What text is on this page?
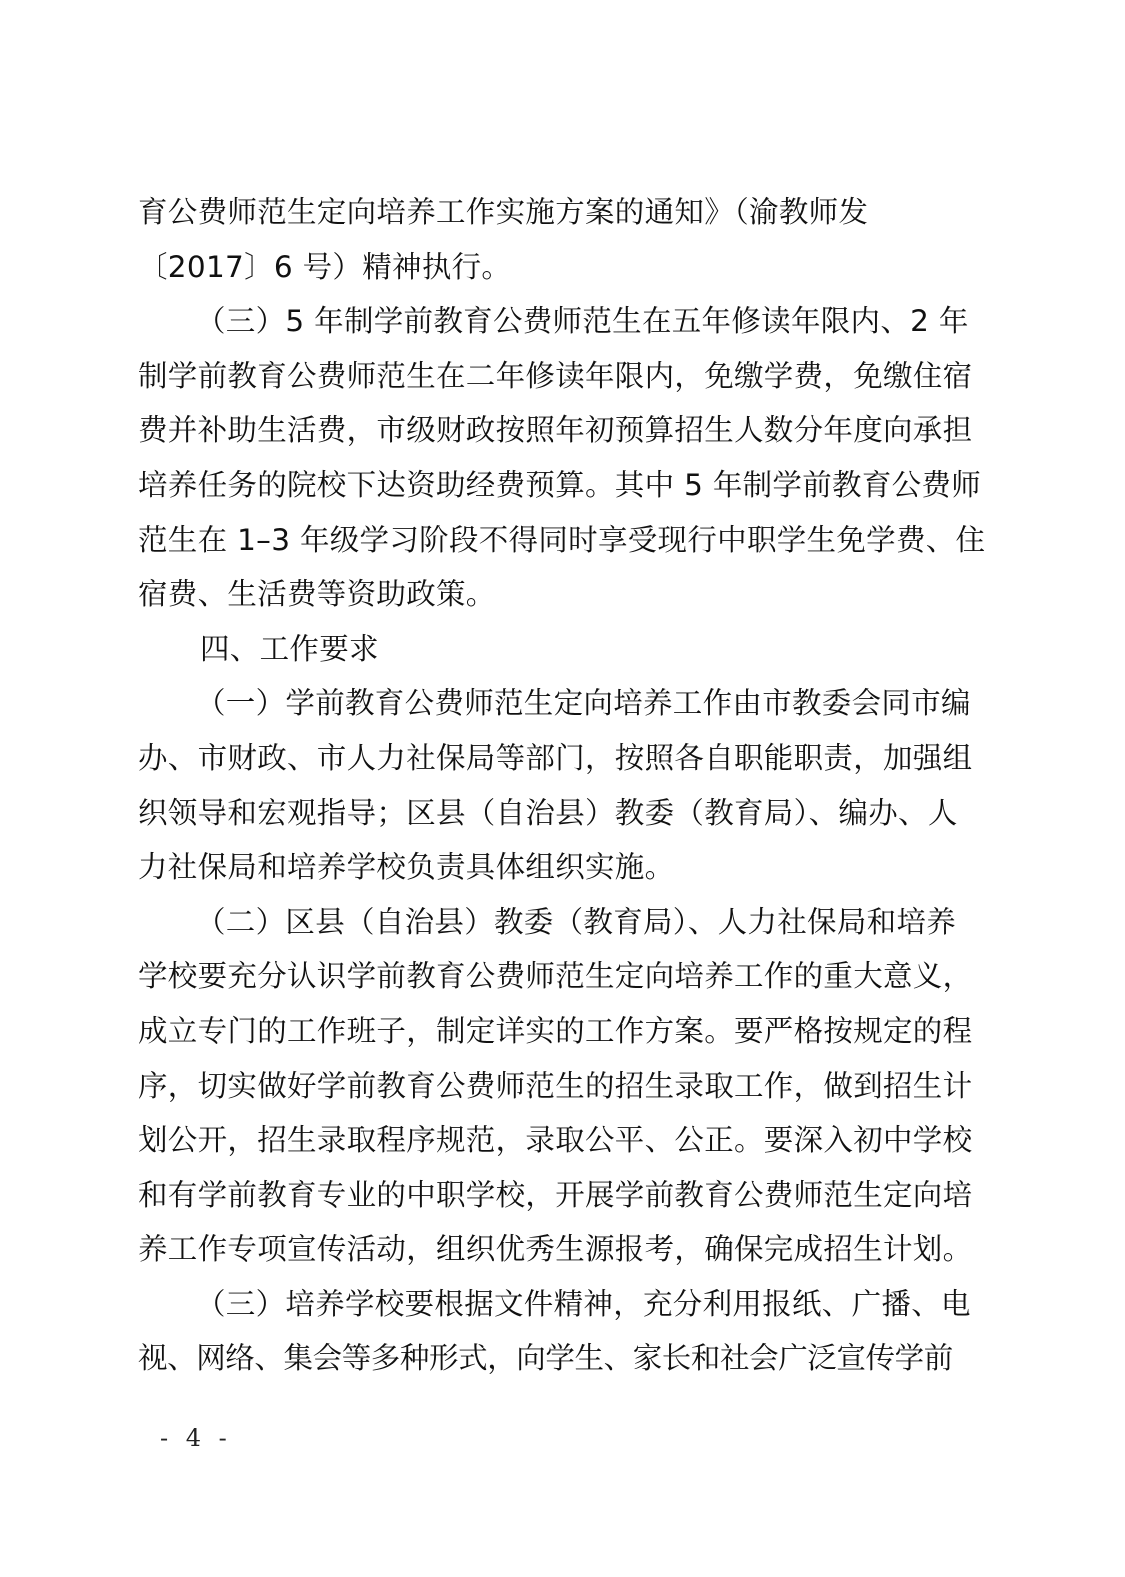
育公费师范生定向培养工作实施方案的通知》（渝教师发
〔2017〕6 号）精神执行。
（三）5 年制学前教育公费师范生在五年修读年限内、2 年
制学前教育公费师范生在二年修读年限内，免缴学费，免缴住宿
费并补助生活费，市级财政按照年初预算招生人数分年度向承担
培养任务的院校下达资助经费预算。其中 5 年制学前教育公费师
范生在 1–3 年级学习阶段不得同时享受现行中职学生免学费、住
宿费、生活费等资助政策。
四、工作要求
（一）学前教育公费师范生定向培养工作由市教委会同市编
办、市财政、市人力社保局等部门，按照各自职能职责，加强组
织领导和宏观指导；区县（自治县）教委（教育局）、编办、人
力社保局和培养学校负责具体组织实施。
（二）区县（自治县）教委（教育局）、人力社保局和培养
学校要充分认识学前教育公费师范生定向培养工作的重大意义，
成立专门的工作班子，制定详实的工作方案。要严格按规定的程
序，切实做好学前教育公费师范生的招生录取工作，做到招生计
划公开，招生录取程序规范，录取公平、公正。要深入初中学校
和有学前教育专业的中职学校，开展学前教育公费师范生定向培
养工作专项宣传活动，组织优秀生源报考，确保完成招生计划。
（三）培养学校要根据文件精神，充分利用报纸、广播、电
视、网络、集会等多种形式，向学生、家长和社会广泛宣传学前
- 4 -
